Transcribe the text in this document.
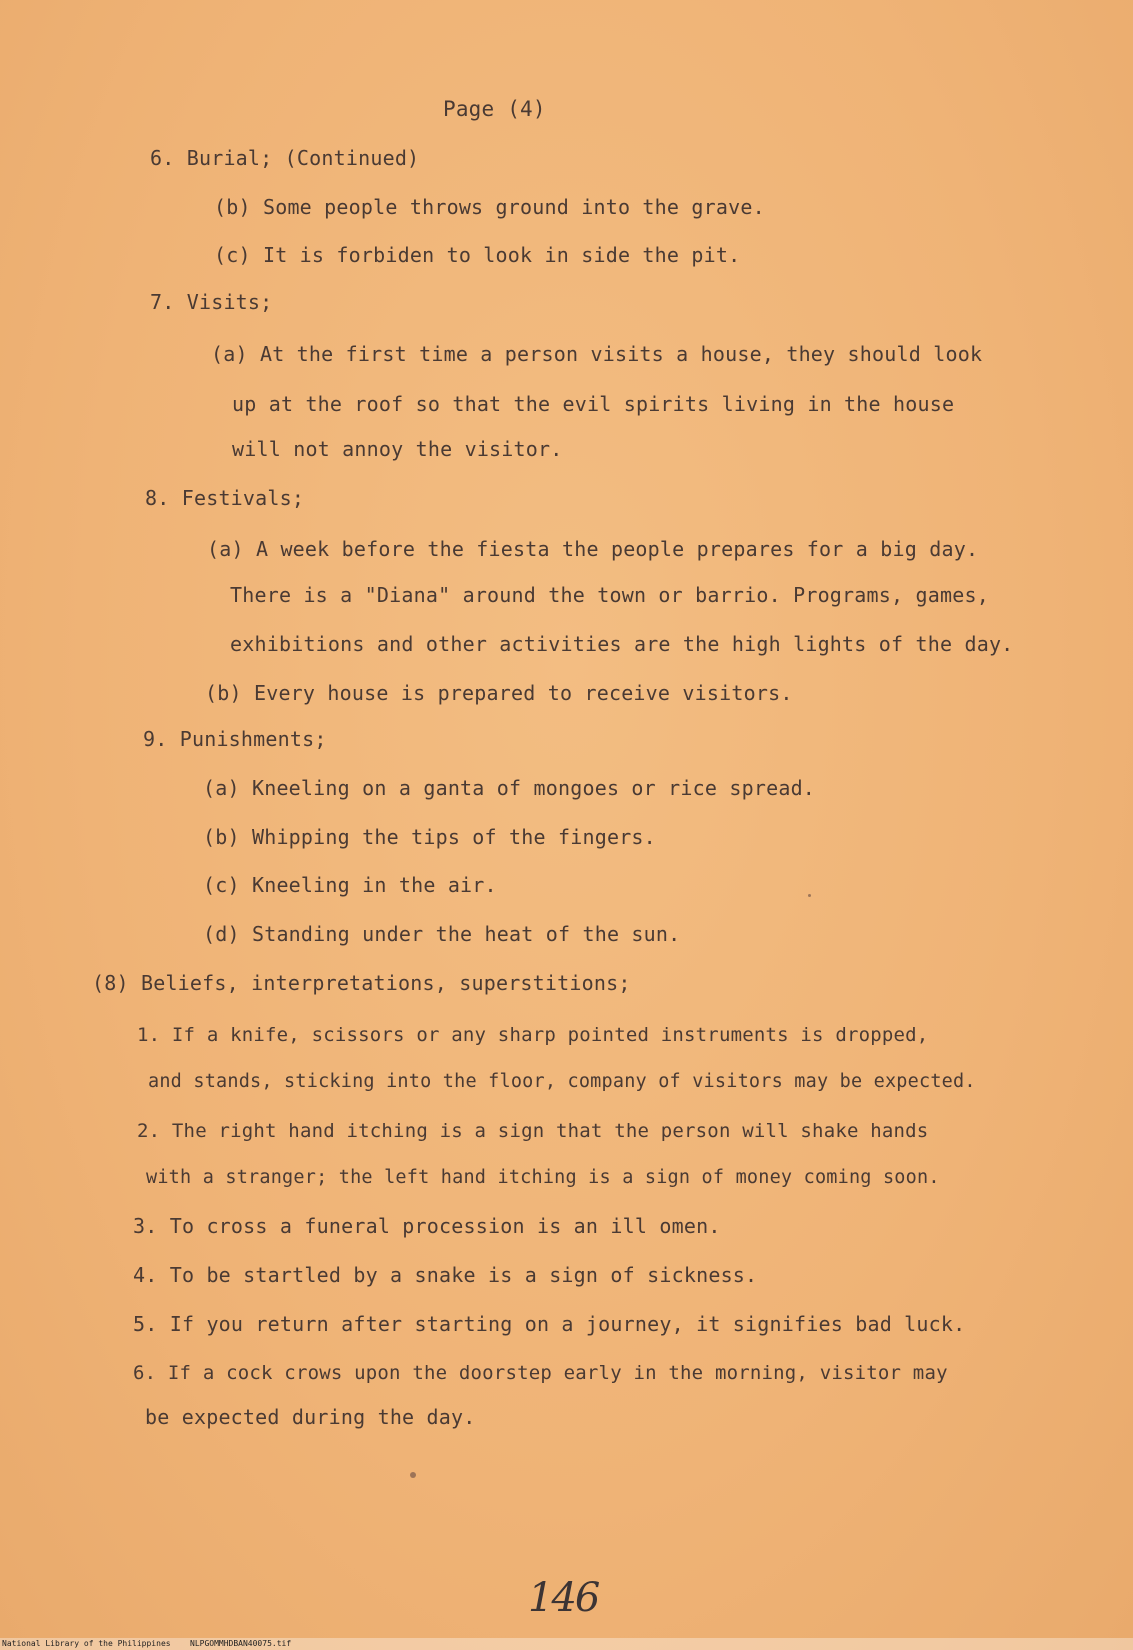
Page (4)
6. Burial; (Continued)
(b) Some people throws ground into the grave.
(c) It is forbiden to look in side the pit.
7. Visits;
(a) At the first time a person visits a house, they should look
up at the roof so that the evil spirits living in the house
will not annoy the visitor.
8. Festivals;
(a) A week before the fiesta the people prepares for a big day.
There is a "Diana" around the town or barrio. Programs, games,
exhibitions and other activities are the high lights of the day.
(b) Every house is prepared to receive visitors.
9. Punishments;
(a) Kneeling on a ganta of mongoes or rice spread.
(b) Whipping the tips of the fingers.
(c) Kneeling in the air.
(d) Standing under the heat of the sun.
(8) Beliefs, interpretations, superstitions;
1. If a knife, scissors or any sharp pointed instruments is dropped,
and stands, sticking into the floor, company of visitors may be expected.
2. The right hand itching is a sign that the person will shake hands
with a stranger; the left hand itching is a sign of money coming soon.
3. To cross a funeral procession is an ill omen.
4. To be startled by a snake is a sign of sickness.
5. If you return after starting on a journey, it signifies bad luck.
6. If a cock crows upon the doorstep early in the morning, visitor may
be expected during the day.
146
National Library of the Philippines NLPGOMMHDBAN40075.tif
